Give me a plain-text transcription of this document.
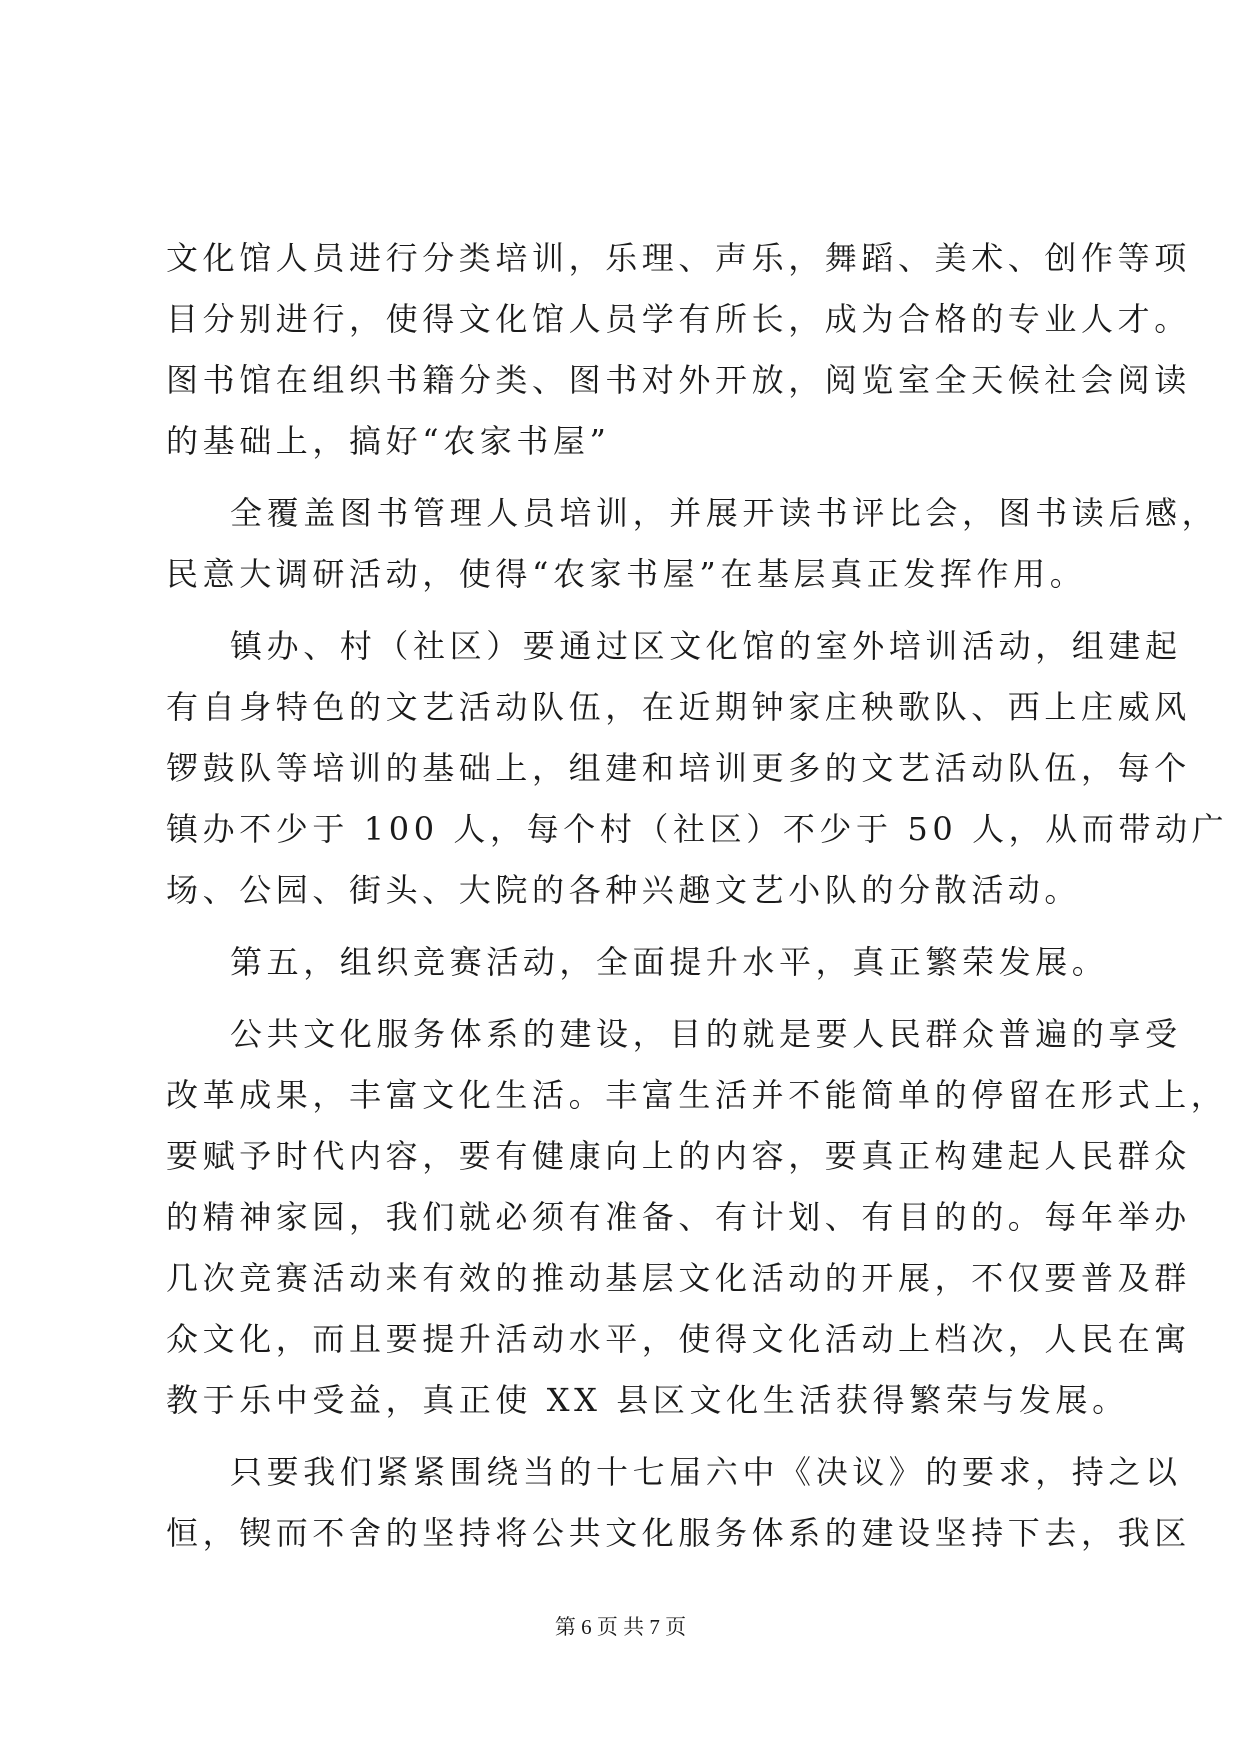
文化馆人员进行分类培训，乐理、声乐，舞蹈、美术、创作等项
目分别进行，使得文化馆人员学有所长，成为合格的专业人才。
图书馆在组织书籍分类、图书对外开放，阅览室全天候社会阅读
的基础上，搞好“农家书屋”
全覆盖图书管理人员培训，并展开读书评比会，图书读后感，
民意大调研活动，使得“农家书屋”在基层真正发挥作用。
镇办、村（社区）要通过区文化馆的室外培训活动，组建起
有自身特色的文艺活动队伍，在近期钟家庄秧歌队、西上庄威风
锣鼓队等培训的基础上，组建和培训更多的文艺活动队伍，每个
镇办不少于 100 人，每个村（社区）不少于 50 人，从而带动广
场、公园、街头、大院的各种兴趣文艺小队的分散活动。
第五，组织竞赛活动，全面提升水平，真正繁荣发展。
公共文化服务体系的建设，目的就是要人民群众普遍的享受
改革成果，丰富文化生活。丰富生活并不能简单的停留在形式上，
要赋予时代内容，要有健康向上的内容，要真正构建起人民群众
的精神家园，我们就必须有准备、有计划、有目的的。每年举办
几次竞赛活动来有效的推动基层文化活动的开展，不仅要普及群
众文化，而且要提升活动水平，使得文化活动上档次，人民在寓
教于乐中受益，真正使 XX 县区文化生活获得繁荣与发展。
只要我们紧紧围绕当的十七届六中《决议》的要求，持之以
恒，锲而不舍的坚持将公共文化服务体系的建设坚持下去，我区
第 6 页 共 7 页
